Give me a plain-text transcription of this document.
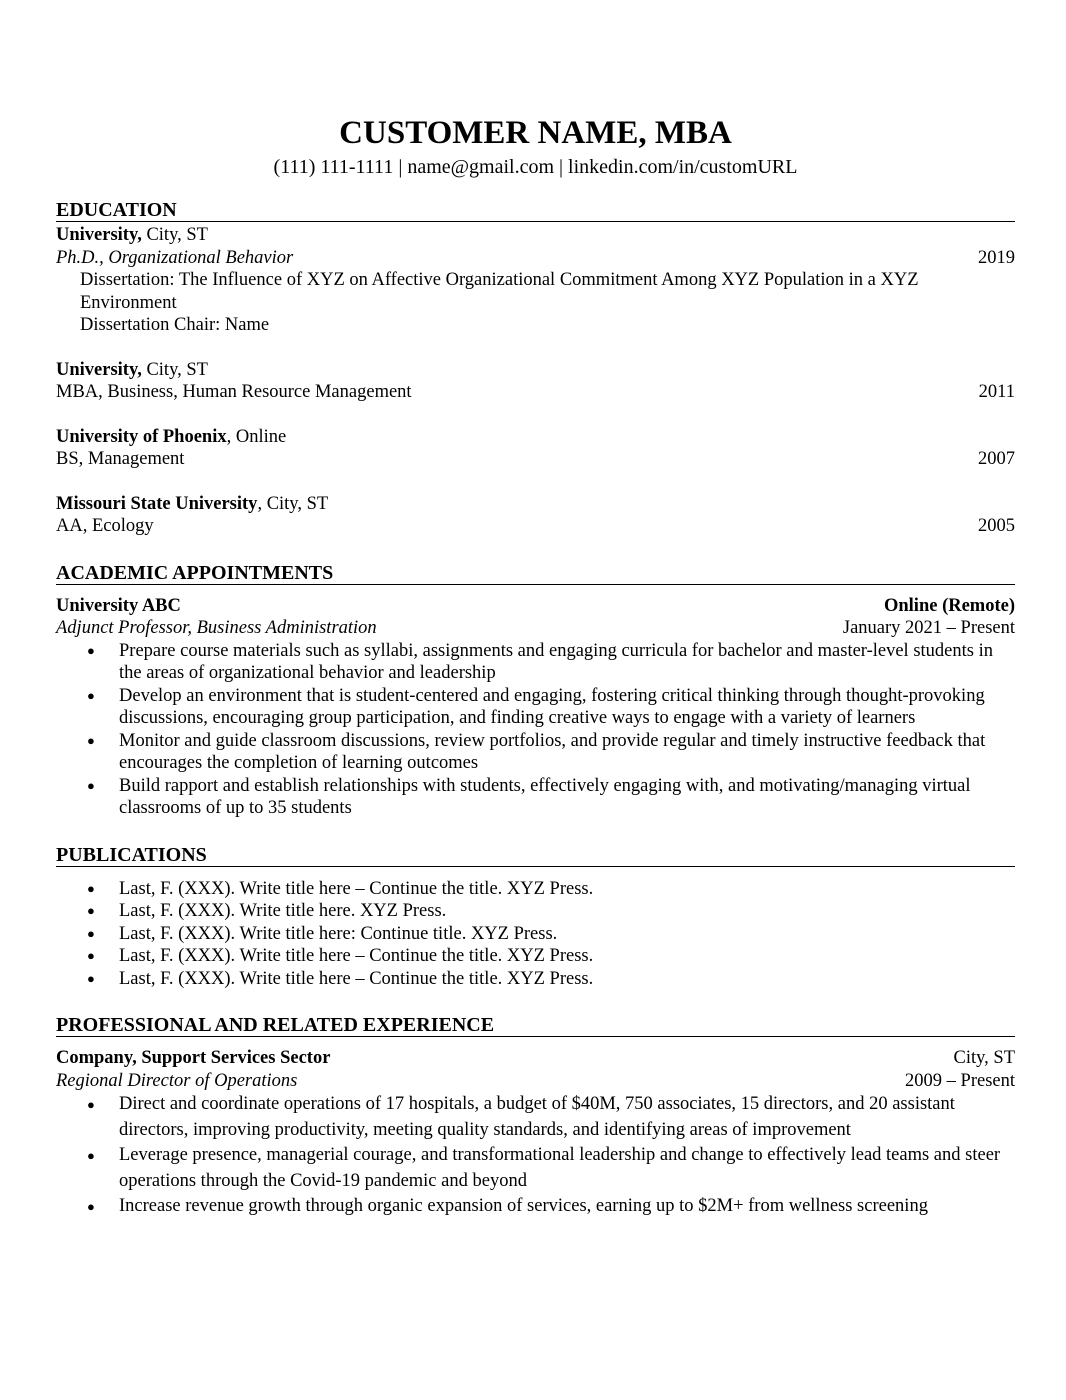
CUSTOMER NAME, MBA
(111) 111-1111 | name@gmail.com | linkedin.com/in/customURL
EDUCATION
University, City, ST
Ph.D., Organizational Behavior	2019
Dissertation: The Influence of XYZ on Affective Organizational Commitment Among XYZ Population in a XYZ Environment
Dissertation Chair: Name
University, City, ST
MBA, Business, Human Resource Management	2011
University of Phoenix, Online
BS, Management	2007
Missouri State University, City, ST
AA, Ecology	2005
ACADEMIC APPOINTMENTS
University ABC	Online (Remote)
Adjunct Professor, Business Administration	January 2021 – Present
● Prepare course materials such as syllabi, assignments and engaging curricula for bachelor and master-level students in the areas of organizational behavior and leadership
● Develop an environment that is student-centered and engaging, fostering critical thinking through thought-provoking discussions, encouraging group participation, and finding creative ways to engage with a variety of learners
● Monitor and guide classroom discussions, review portfolios, and provide regular and timely instructive feedback that encourages the completion of learning outcomes
● Build rapport and establish relationships with students, effectively engaging with, and motivating/managing virtual classrooms of up to 35 students
PUBLICATIONS
● Last, F. (XXX). Write title here – Continue the title. XYZ Press.
● Last, F. (XXX). Write title here. XYZ Press.
● Last, F. (XXX). Write title here: Continue title. XYZ Press.
● Last, F. (XXX). Write title here – Continue the title. XYZ Press.
● Last, F. (XXX). Write title here – Continue the title. XYZ Press.
PROFESSIONAL AND RELATED EXPERIENCE
Company, Support Services Sector	City, ST
Regional Director of Operations	2009 – Present
● Direct and coordinate operations of 17 hospitals, a budget of $40M, 750 associates, 15 directors, and 20 assistant directors, improving productivity, meeting quality standards, and identifying areas of improvement
● Leverage presence, managerial courage, and transformational leadership and change to effectively lead teams and steer operations through the Covid-19 pandemic and beyond
● Increase revenue growth through organic expansion of services, earning up to $2M+ from wellness screening
